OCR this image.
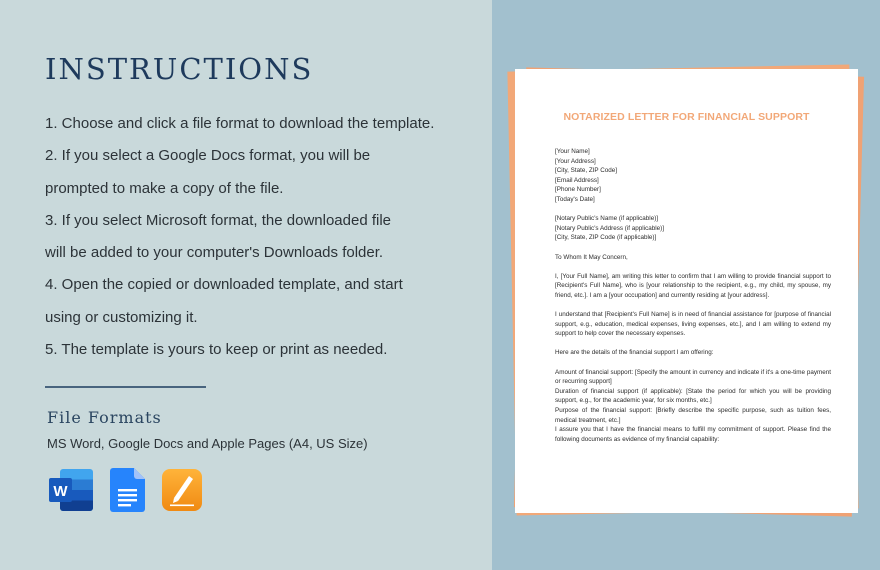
INSTRUCTIONS
1. Choose and click a file format to download the template.
2. If you select a Google Docs format, you will be
prompted to make a copy of the file.
3. If you select Microsoft format, the downloaded file
will be added to your computer's Downloads folder.
4. Open the copied or downloaded template, and start
using or customizing it.
5. The template is yours to keep or print as needed.
File Formats
MS Word, Google Docs and Apple Pages (A4, US Size)
W
NOTARIZED LETTER FOR FINANCIAL SUPPORT
[Your Name]
[Your Address]
[City, State, ZIP Code]
[Email Address]
[Phone Number]
[Today's Date]
[Notary Public's Name (if applicable)]
[Notary Public's Address (if applicable)]
[City, State, ZIP Code (if applicable)]

To Whom It May Concern,

I, [Your Full Name], am writing this letter to confirm that I am willing to provide financial support to [Recipient's Full Name], who is [your relationship to the recipient, e.g., my child, my spouse, my friend, etc.]. I am a [your occupation] and currently residing at [your address].

I understand that [Recipient's Full Name] is in need of financial assistance for [purpose of financial support, e.g., education, medical expenses, living expenses, etc.], and I am willing to extend my support to help cover the necessary expenses.

Here are the details of the financial support I am offering:

Amount of financial support: [Specify the amount in currency and indicate if it's a one-time payment or recurring support]
Duration of financial support (if applicable): [State the period for which you will be providing support, e.g., for the academic year, for six months, etc.]
Purpose of the financial support: [Briefly describe the specific purpose, such as tuition fees, medical treatment, etc.]
I assure you that I have the financial means to fulfill my commitment of support. Please find the following documents as evidence of my financial capability:
